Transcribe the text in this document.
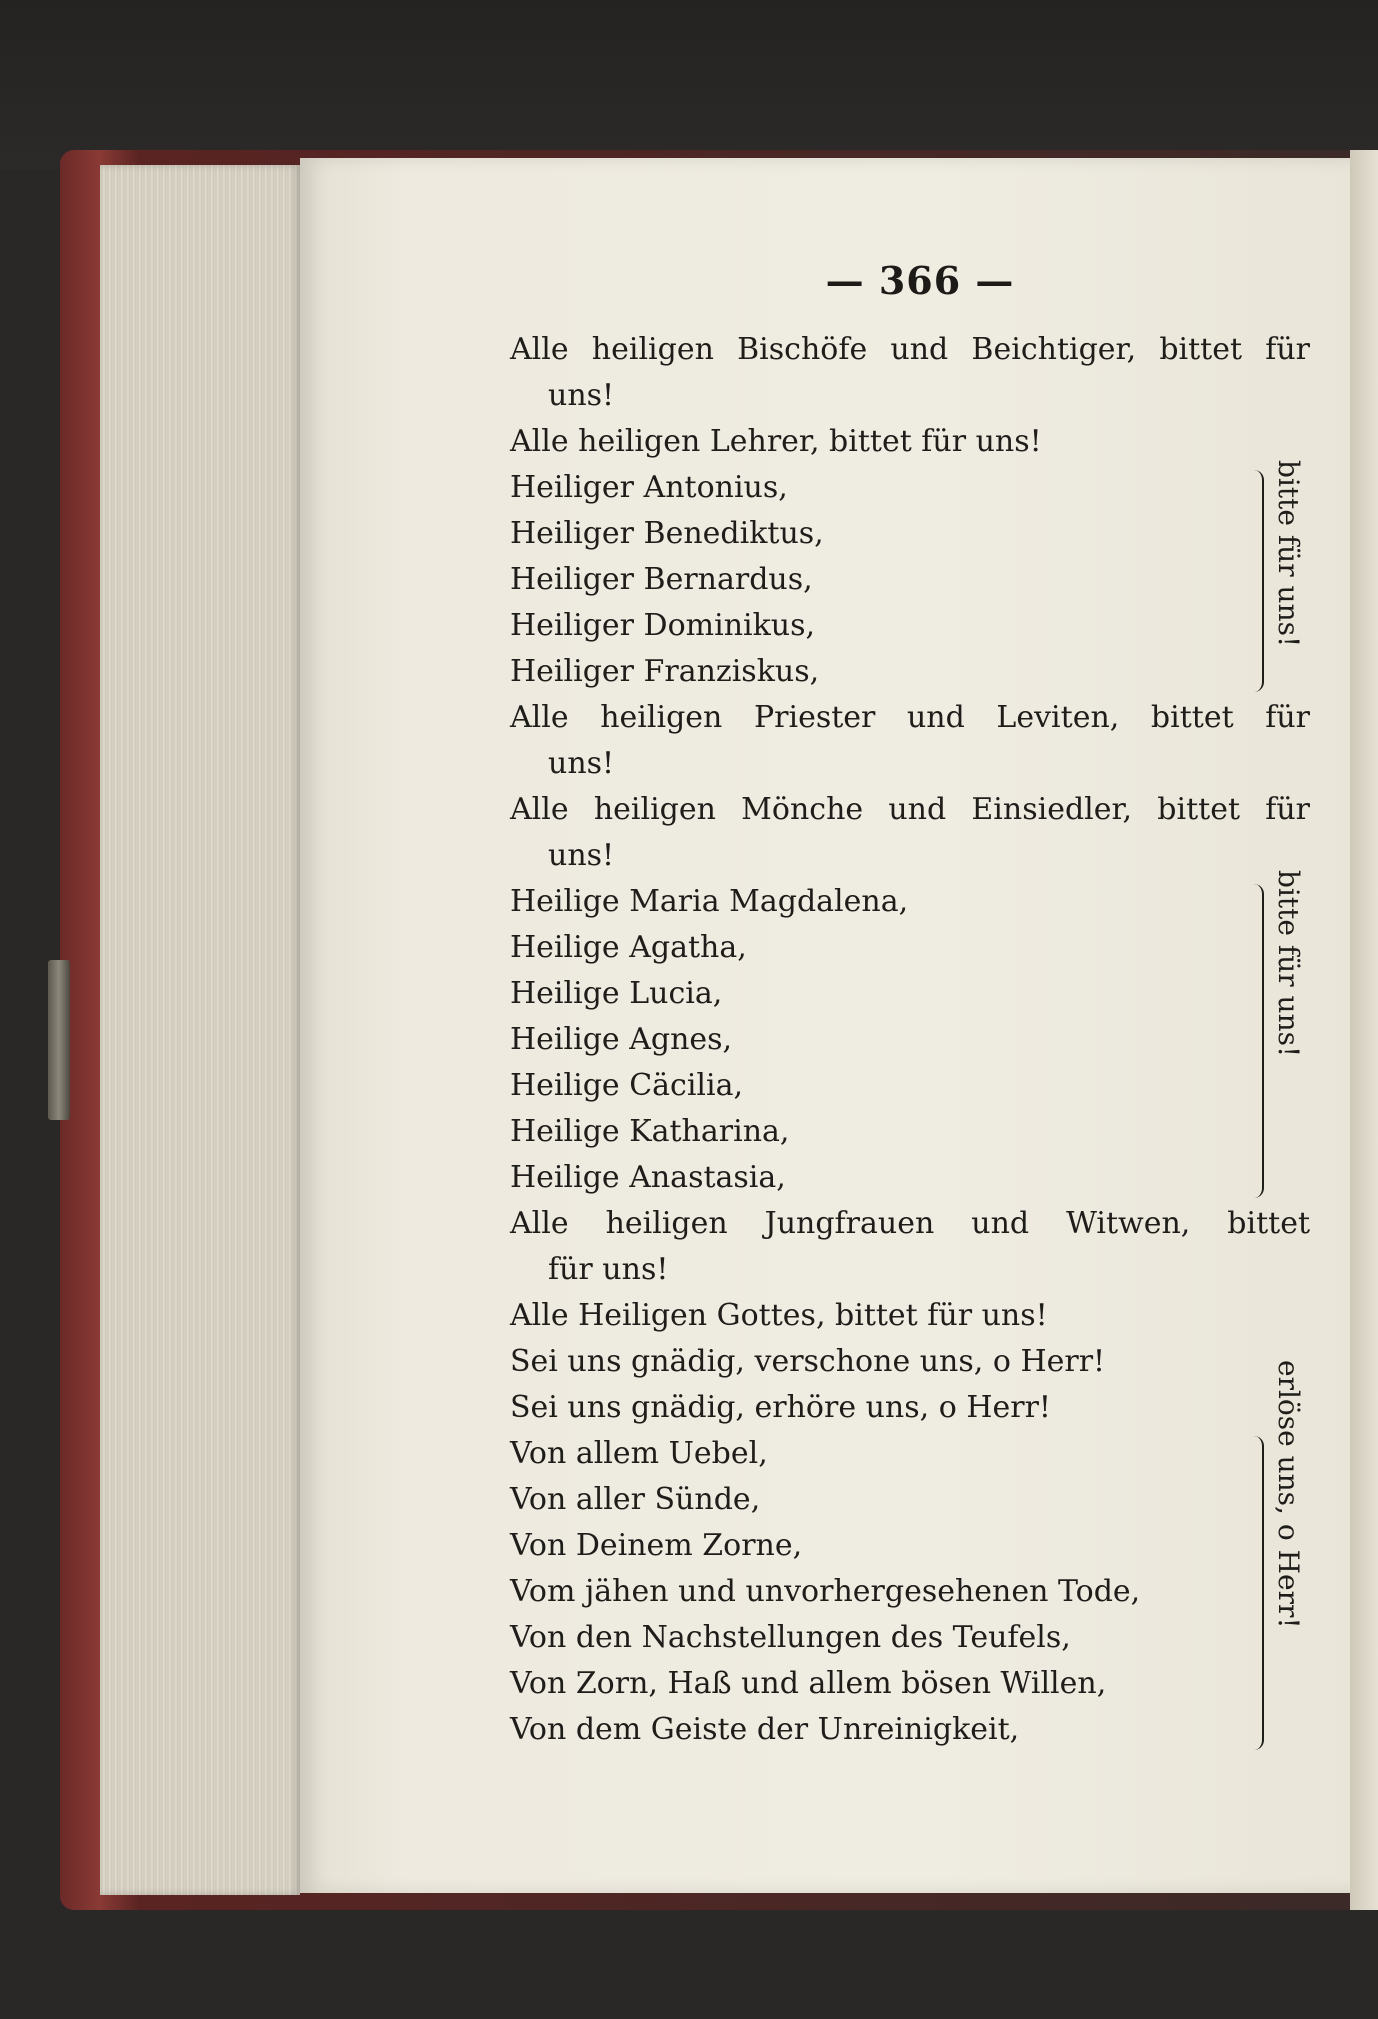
— 366 —
Alle heiligen Bischöfe und Beichtiger, bittet für
uns!
Alle heiligen Lehrer, bittet für uns!
Heiliger Antonius,
Heiliger Benediktus,
Heiliger Bernardus,
Heiliger Dominikus,
Heiliger Franziskus,
Alle heiligen Priester und Leviten, bittet für
uns!
Alle heiligen Mönche und Einsiedler, bittet für
uns!
Heilige Maria Magdalena,
Heilige Agatha,
Heilige Lucia,
Heilige Agnes,
Heilige Cäcilia,
Heilige Katharina,
Heilige Anastasia,
Alle heiligen Jungfrauen und Witwen, bittet
für uns!
Alle Heiligen Gottes, bittet für uns!
Sei uns gnädig, verschone uns, o Herr!
Sei uns gnädig, erhöre uns, o Herr!
Von allem Uebel,
Von aller Sünde,
Von Deinem Zorne,
Vom jähen und unvorhergesehenen Tode,
Von den Nachstellungen des Teufels,
Von Zorn, Haß und allem bösen Willen,
Von dem Geiste der Unreinigkeit,
bitte für uns!
bitte für uns!
erlöse uns, o Herr!
